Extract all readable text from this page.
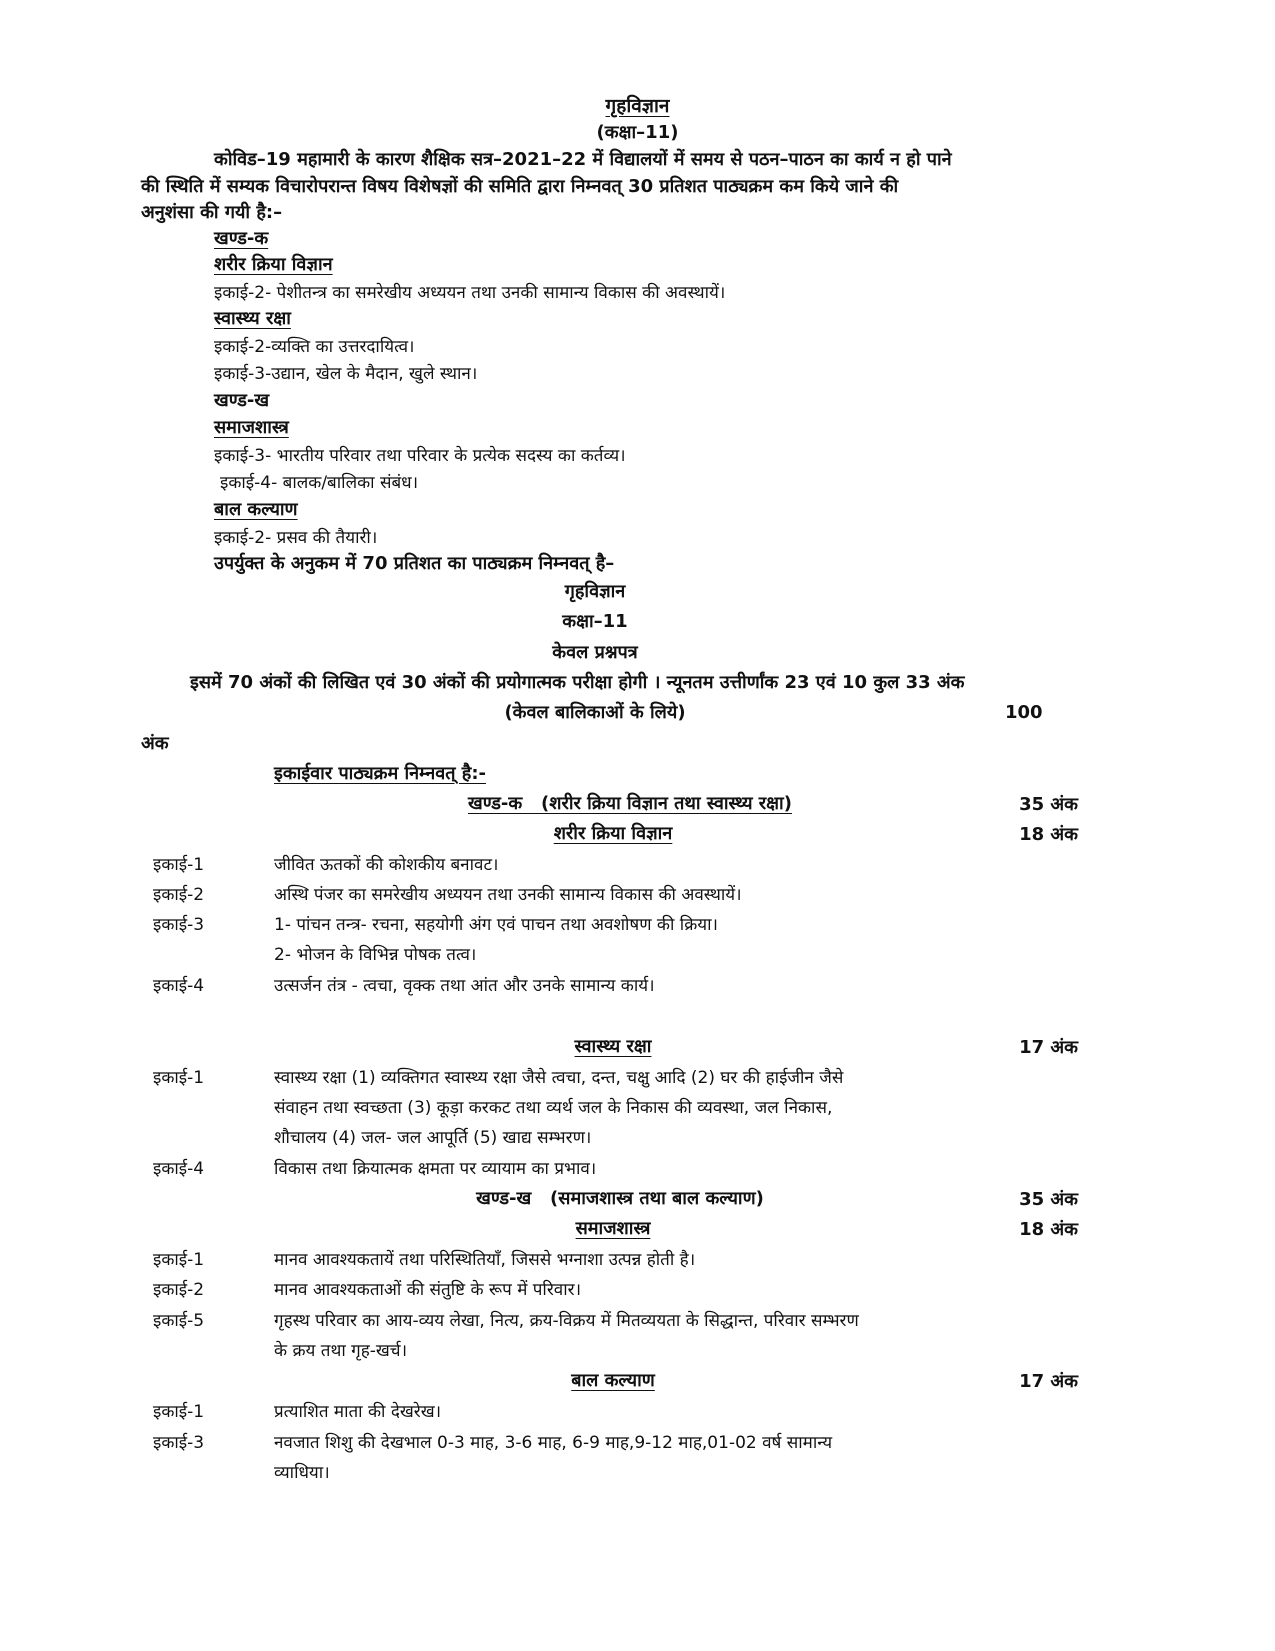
गृहविज्ञान
(कक्षा–11)
कोविड–19 महामारी के कारण शैक्षिक सत्र–2021–22 में विद्यालयों में समय से पठन–पाठन का कार्य न हो पाने
की स्थिति में सम्यक विचारोपरान्त विषय विशेषज्ञों की समिति द्वारा निम्नवत् 30 प्रतिशत पाठ्यक्रम कम किये जाने की
अनुशंसा की गयी है:–
खण्ड-क
शरीर क्रिया विज्ञान
इकाई-2- पेशीतन्त्र का समरेखीय अध्ययन तथा उनकी सामान्य विकास की अवस्थायें।
स्वास्थ्य रक्षा
इकाई-2-व्यक्ति का उत्तरदायित्व।
इकाई-3-उद्यान, खेल के मैदान, खुले स्थान।
खण्ड-ख
समाजशास्त्र
इकाई-3- भारतीय परिवार तथा परिवार के प्रत्येक सदस्य का कर्तव्य।
इकाई-4- बालक/बालिका संबंध।
बाल कल्याण
इकाई-2- प्रसव की तैयारी।
उपर्युक्त के अनुकम में 70 प्रतिशत का पाठ्यक्रम निम्नवत् है–
गृहविज्ञान
कक्षा–11
केवल प्रश्नपत्र
इसमें 70 अंकों की लिखित एवं 30 अंकों की प्रयोगात्मक परीक्षा होगी । न्यूनतम उत्तीर्णांक 23 एवं 10 कुल 33 अंक
(केवल बालिकाओं के लिये)	100
अंक
इकाईवार पाठ्यक्रम निम्नवत् है:-
खण्ड-क   (शरीर क्रिया विज्ञान तथा स्वास्थ्य रक्षा)	35 अंक
शरीर क्रिया विज्ञान	18 अंक
इकाई-1	जीवित ऊतकों की कोशकीय बनावट।
इकाई-2	अस्थि पंजर का समरेखीय अध्ययन तथा उनकी सामान्य विकास की अवस्थायें।
इकाई-3	1- पांचन तन्त्र- रचना, सहयोगी अंग एवं पाचन तथा अवशोषण की क्रिया।
2- भोजन के विभिन्न पोषक तत्व।
इकाई-4	उत्सर्जन तंत्र - त्वचा, वृक्क तथा आंत और उनके सामान्य कार्य।
स्वास्थ्य रक्षा	17 अंक
इकाई-1	स्वास्थ्य रक्षा (1) व्यक्तिगत स्वास्थ्य रक्षा जैसे त्वचा, दन्त, चक्षु आदि (2) घर की हाईजीन जैसे
संवाहन तथा स्वच्छता (3) कूड़ा करकट तथा व्यर्थ जल के निकास की व्यवस्था, जल निकास,
शौचालय (4) जल- जल आपूर्ति (5) खाद्य सम्भरण।
इकाई-4	विकास तथा क्रियात्मक क्षमता पर व्यायाम का प्रभाव।
खण्ड-ख   (समाजशास्त्र तथा बाल कल्याण)	35 अंक
समाजशास्त्र	18 अंक
इकाई-1	मानव आवश्यकतायें तथा परिस्थितियाँ, जिससे भग्नाशा उत्पन्न होती है।
इकाई-2	मानव आवश्यकताओं की संतुष्टि के रूप में परिवार।
इकाई-5	गृहस्थ परिवार का आय-व्यय लेखा, नित्य, क्रय-विक्रय में मितव्ययता के सिद्धान्त, परिवार सम्भरण
के क्रय तथा गृह-खर्च।
बाल कल्याण	17 अंक
इकाई-1	प्रत्याशित माता की देखरेख।
इकाई-3	नवजात शिशु की देखभाल 0-3 माह, 3-6 माह, 6-9 माह,9-12 माह,01-02 वर्ष सामान्य
व्याधिया।
